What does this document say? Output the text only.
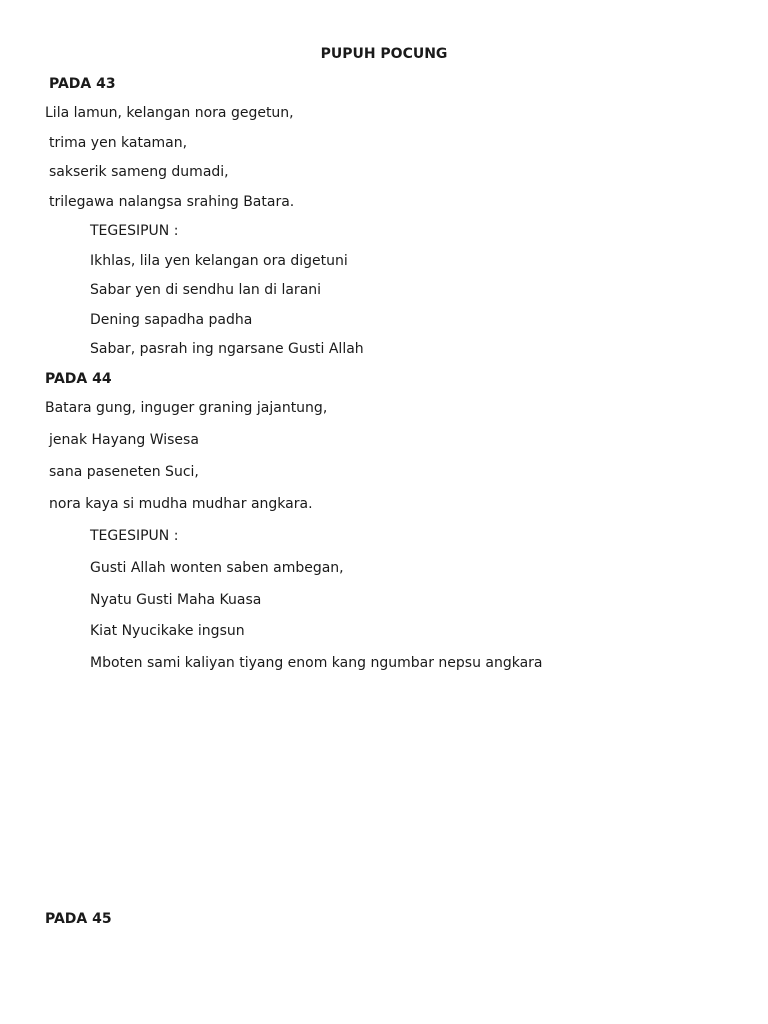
PUPUH POCUNG
PADA 43
Lila lamun, kelangan nora gegetun,
trima yen kataman,
sakserik sameng dumadi,
trilegawa nalangsa srahing Batara.
TEGESIPUN :
Ikhlas, lila yen kelangan ora digetuni
Sabar yen di sendhu lan di larani
Dening sapadha padha
Sabar, pasrah ing ngarsane Gusti Allah
PADA 44
Batara gung, inguger graning jajantung,
jenak Hayang Wisesa
sana paseneten Suci,
nora kaya si mudha mudhar angkara.
TEGESIPUN :
Gusti Allah wonten saben ambegan,
Nyatu Gusti Maha Kuasa
Kiat Nyucikake ingsun
Mboten sami kaliyan tiyang enom kang ngumbar nepsu angkara
PADA 45
